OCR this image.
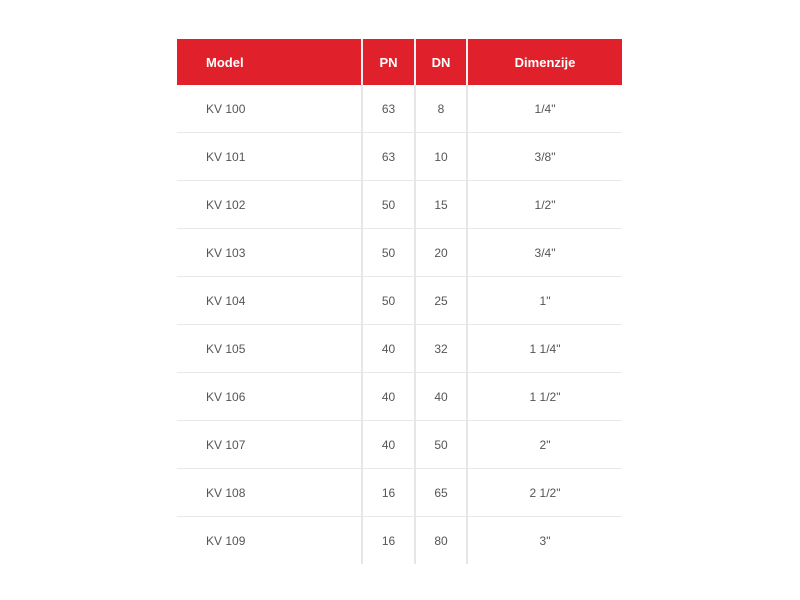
Model	PN	DN	Dimenzije
KV 100	63	8	1/4"
KV 101	63	10	3/8"
KV 102	50	15	1/2"
KV 103	50	20	3/4"
KV 104	50	25	1"
KV 105	40	32	1 1/4"
KV 106	40	40	1 1/2"
KV 107	40	50	2"
KV 108	16	65	2 1/2"
KV 109	16	80	3"
